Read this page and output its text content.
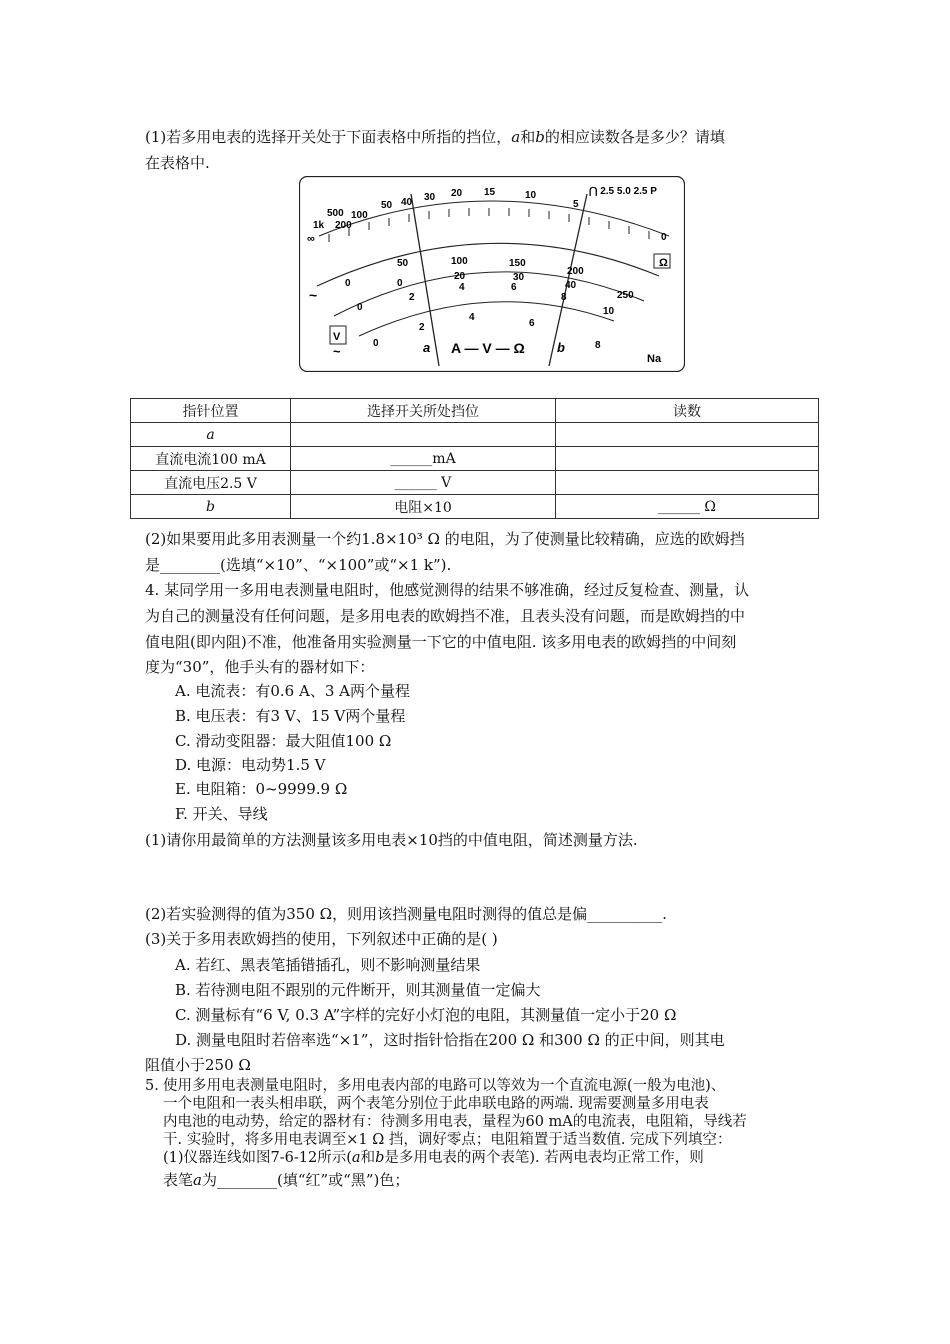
(1)若多用电表的选择开关处于下面表格中所指的挡位，a和b的相应读数各是多少？请填
在表格中.
∞
1k
500
200
100
50 40 30 20 15	10
5
0
⋂ 2.5 5.0 2.5 P
Ω
0
50	100	150
200
250
0
20	30
40
4	6
8
10
0
2
0
2
4
6
8
~
V
~	a A — V — Ω b
Na
指针位置	选择开关所处挡位	读数
a		
直流电流100 mA	______mA	
直流电压2.5 V	______ V	
b	电阻×10	______ Ω
(2)如果要用此多用表测量一个约1.8×10³ Ω 的电阻，为了使测量比较精确，应选的欧姆挡
是________(选填“×10”、“×100”或“×1 k”).
4. 某同学用一多用电表测量电阻时，他感觉测得的结果不够准确，经过反复检查、测量，认
为自己的测量没有任何问题，是多用电表的欧姆挡不准，且表头没有问题，而是欧姆挡的中
值电阻(即内阻)不准，他准备用实验测量一下它的中值电阻. 该多用电表的欧姆挡的中间刻
度为“30”，他手头有的器材如下：
A. 电流表：有0.6 A、3 A两个量程
B. 电压表：有3 V、15 V两个量程
C. 滑动变阻器：最大阻值100 Ω
D. 电源：电动势1.5 V
E. 电阻箱：0~9999.9 Ω
F. 开关、导线
(1)请你用最简单的方法测量该多用电表×10挡的中值电阻，简述测量方法.
(2)若实验测得的值为350 Ω，则用该挡测量电阻时测得的值总是偏__________.
(3)关于多用表欧姆挡的使用，下列叙述中正确的是( )
A. 若红、黑表笔插错插孔，则不影响测量结果
B. 若待测电阻不跟别的元件断开，则其测量值一定偏大
C. 测量标有“6 V, 0.3 A”字样的完好小灯泡的电阻，其测量值一定小于20 Ω
D. 测量电阻时若倍率选“×1”，这时指针恰指在200 Ω 和300 Ω 的正中间，则其电
阻值小于250 Ω
5. 使用多用电表测量电阻时，多用电表内部的电路可以等效为一个直流电源(一般为电池)、
一个电阻和一表头相串联，两个表笔分别位于此串联电路的两端. 现需要测量多用电表
内电池的电动势，给定的器材有：待测多用电表，量程为60 mA的电流表，电阻箱，导线若
干. 实验时，将多用电表调至×1 Ω 挡，调好零点；电阻箱置于适当数值. 完成下列填空：
(1)仪器连线如图7-6-12所示(a和b是多用电表的两个表笔). 若两电表均正常工作，则
表笔a为________(填“红”或“黑”)色；
